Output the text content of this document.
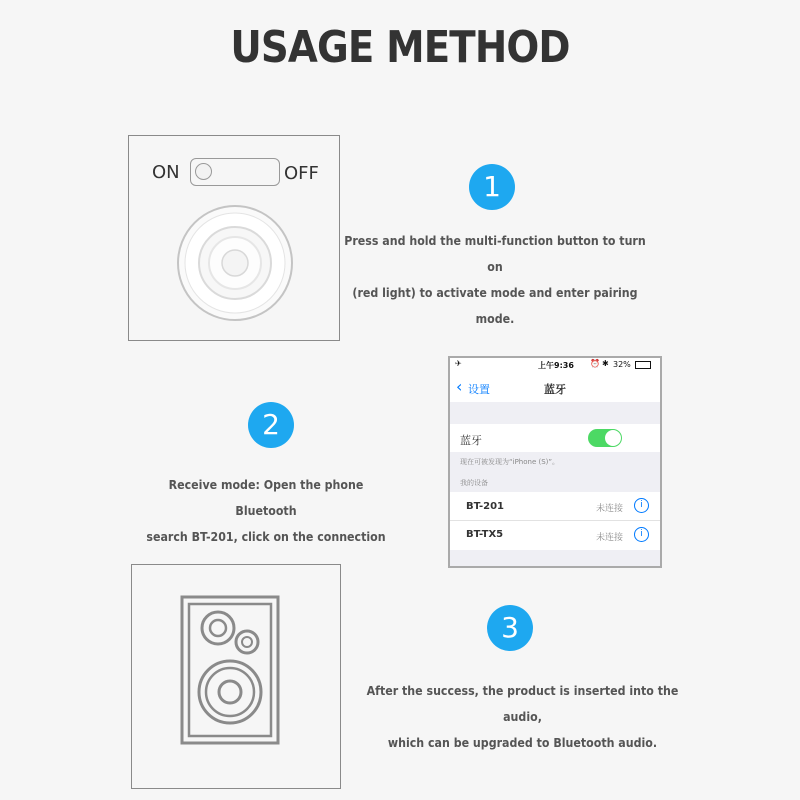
USAGE METHOD
ON	OFF	1
Press and hold the multi-function button to turn on
(red light) to activate mode and enter pairing mode.
2
Receive mode: Open the phone Bluetooth
search BT-201, click on the connection
✈	上午9:36 ⏰ ✱ 32%
‹ 设置	蓝牙
蓝牙
现在可被发现为“iPhone (S)”。
我的设备
BT-201	未连接	i
BT-TX5	未连接	i
3
After the success, the product is inserted into the audio,
which can be upgraded to Bluetooth audio.
